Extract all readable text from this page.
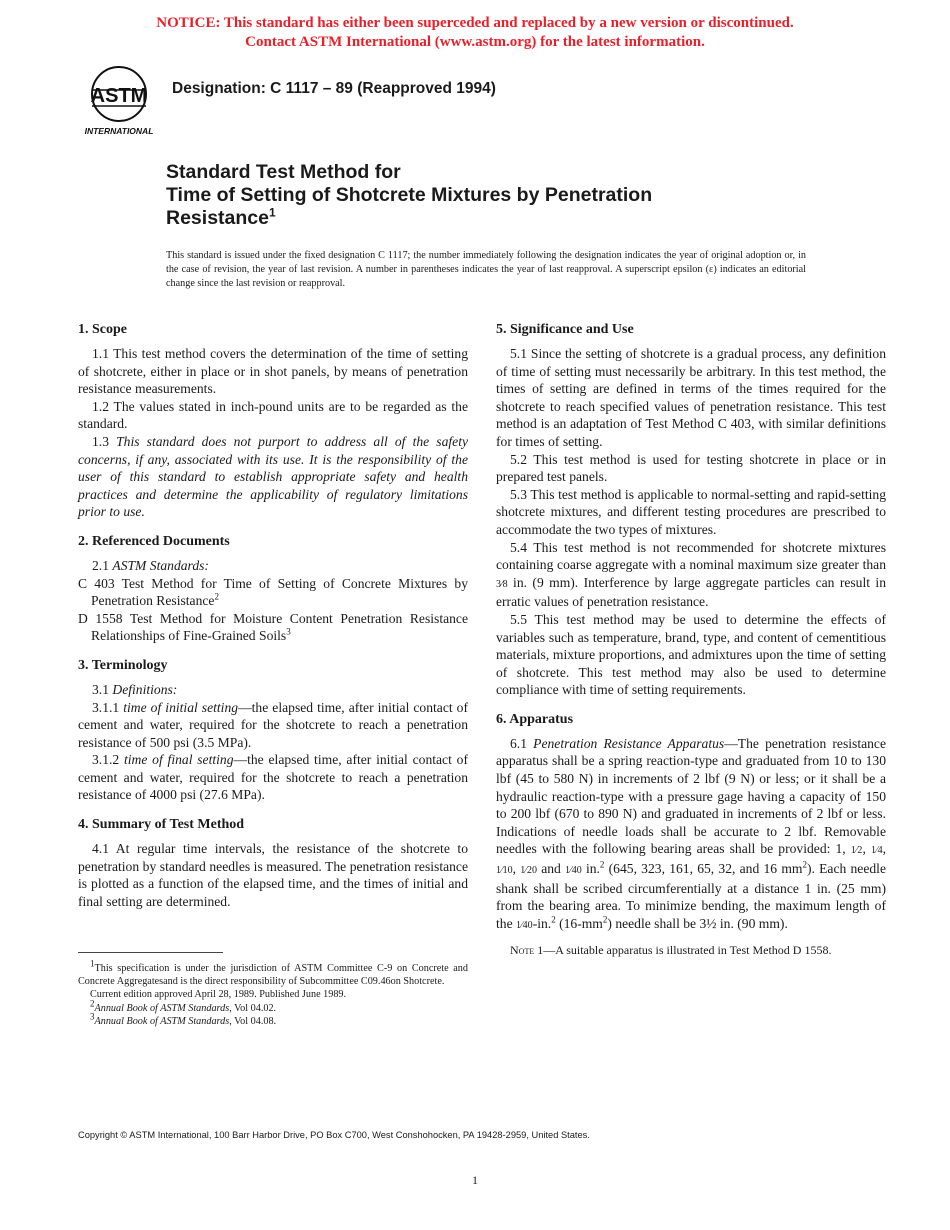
NOTICE: This standard has either been superceded and replaced by a new version or discontinued.
Contact ASTM International (www.astm.org) for the latest information.
ASTM
INTERNATIONAL
Designation: C 1117 – 89 (Reapproved 1994)
Standard Test Method for
Time of Setting of Shotcrete Mixtures by Penetration
Resistance$^1$
This standard is issued under the fixed designation C 1117; the number immediately following the designation indicates the year of original adoption or, in the case of revision, the year of last revision. A number in parentheses indicates the year of last reapproval. A superscript epsilon (ε) indicates an editorial change since the last revision or reapproval.
1. Scope

1.1 This test method covers the determination of the time of setting of shotcrete, either in place or in shot panels, by means of penetration resistance measurements.

1.2 The values stated in inch-pound units are to be regarded as the standard.

1.3 This standard does not purport to address all of the safety concerns, if any, associated with its use. It is the responsibility of the user of this standard to establish appropriate safety and health practices and determine the applicability of regulatory limitations prior to use.

2. Referenced Documents

2.1 ASTM Standards:

C 403 Test Method for Time of Setting of Concrete Mixtures by Penetration Resistance$^2$

D 1558 Test Method for Moisture Content Penetration Resistance Relationships of Fine-Grained Soils$^3$

3. Terminology

3.1 Definitions:

3.1.1 time of initial setting—the elapsed time, after initial contact of cement and water, required for the shotcrete to reach a penetration resistance of 500 psi (3.5 MPa).

3.1.2 time of final setting—the elapsed time, after initial contact of cement and water, required for the shotcrete to reach a penetration resistance of 4000 psi (27.6 MPa).

4. Summary of Test Method

4.1 At regular time intervals, the resistance of the shotcrete to penetration by standard needles is measured. The penetration resistance is plotted as a function of the elapsed time, and the times of initial and final setting are determined.

$^1$This specification is under the jurisdiction of ASTM Committee C-9 on Concrete and Concrete Aggregatesand is the direct responsibility of Subcommittee C09.46on Shotcrete.

Current edition approved April 28, 1989. Published June 1989.

$^2$Annual Book of ASTM Standards, Vol 04.02.

$^3$Annual Book of ASTM Standards, Vol 04.08.

5. Significance and Use

5.1 Since the setting of shotcrete is a gradual process, any definition of time of setting must necessarily be arbitrary. In this test method, the times of setting are defined in terms of the times required for the shotcrete to reach specified values of penetration resistance. This test method is an adaptation of Test Method C 403, with similar definitions for times of setting.

5.2 This test method is used for testing shotcrete in place or in prepared test panels.

5.3 This test method is applicable to normal-setting and rapid-setting shotcrete mixtures, and different testing procedures are prescribed to accommodate the two types of mixtures.

5.4 This test method is not recommended for shotcrete mixtures containing coarse aggregate with a nominal maximum size greater than 3⁄8 in. (9 mm). Interference by large aggregate particles can result in erratic values of penetration resistance.

5.5 This test method may be used to determine the effects of variables such as temperature, brand, type, and content of cementitious materials, mixture proportions, and admixtures upon the time of setting of shotcrete. This test method may also be used to determine compliance with time of setting requirements.

6. Apparatus

6.1 Penetration Resistance Apparatus—The penetration resistance apparatus shall be a spring reaction-type and graduated from 10 to 130 lbf (45 to 580 N) in increments of 2 lbf (9 N) or less; or it shall be a hydraulic reaction-type with a pressure gage having a capacity of 150 to 200 lbf (670 to 890 N) and graduated in increments of 2 lbf or less. Indications of needle loads shall be accurate to 2 lbf. Removable needles with the following bearing areas shall be provided: 1, 1⁄2, 1⁄4, 1⁄10, 1⁄20 and 1⁄40 in.$^2$ (645, 323, 161, 65, 32, and 16 $mm^2$). Each needle shank shall be scribed circumferentially at a distance 1 in. (25 mm) from the bearing area. To minimize bending, the maximum length of the 1⁄40-in.$^2$ $(16-mm^2)$ needle shall be 3½ in. (90 mm).

Note 1—A suitable apparatus is illustrated in Test Method D 1558.

Copyright © ASTM International, 100 Barr Harbor Drive, PO Box C700, West Conshohocken, PA 19428-2959, United States.
1
